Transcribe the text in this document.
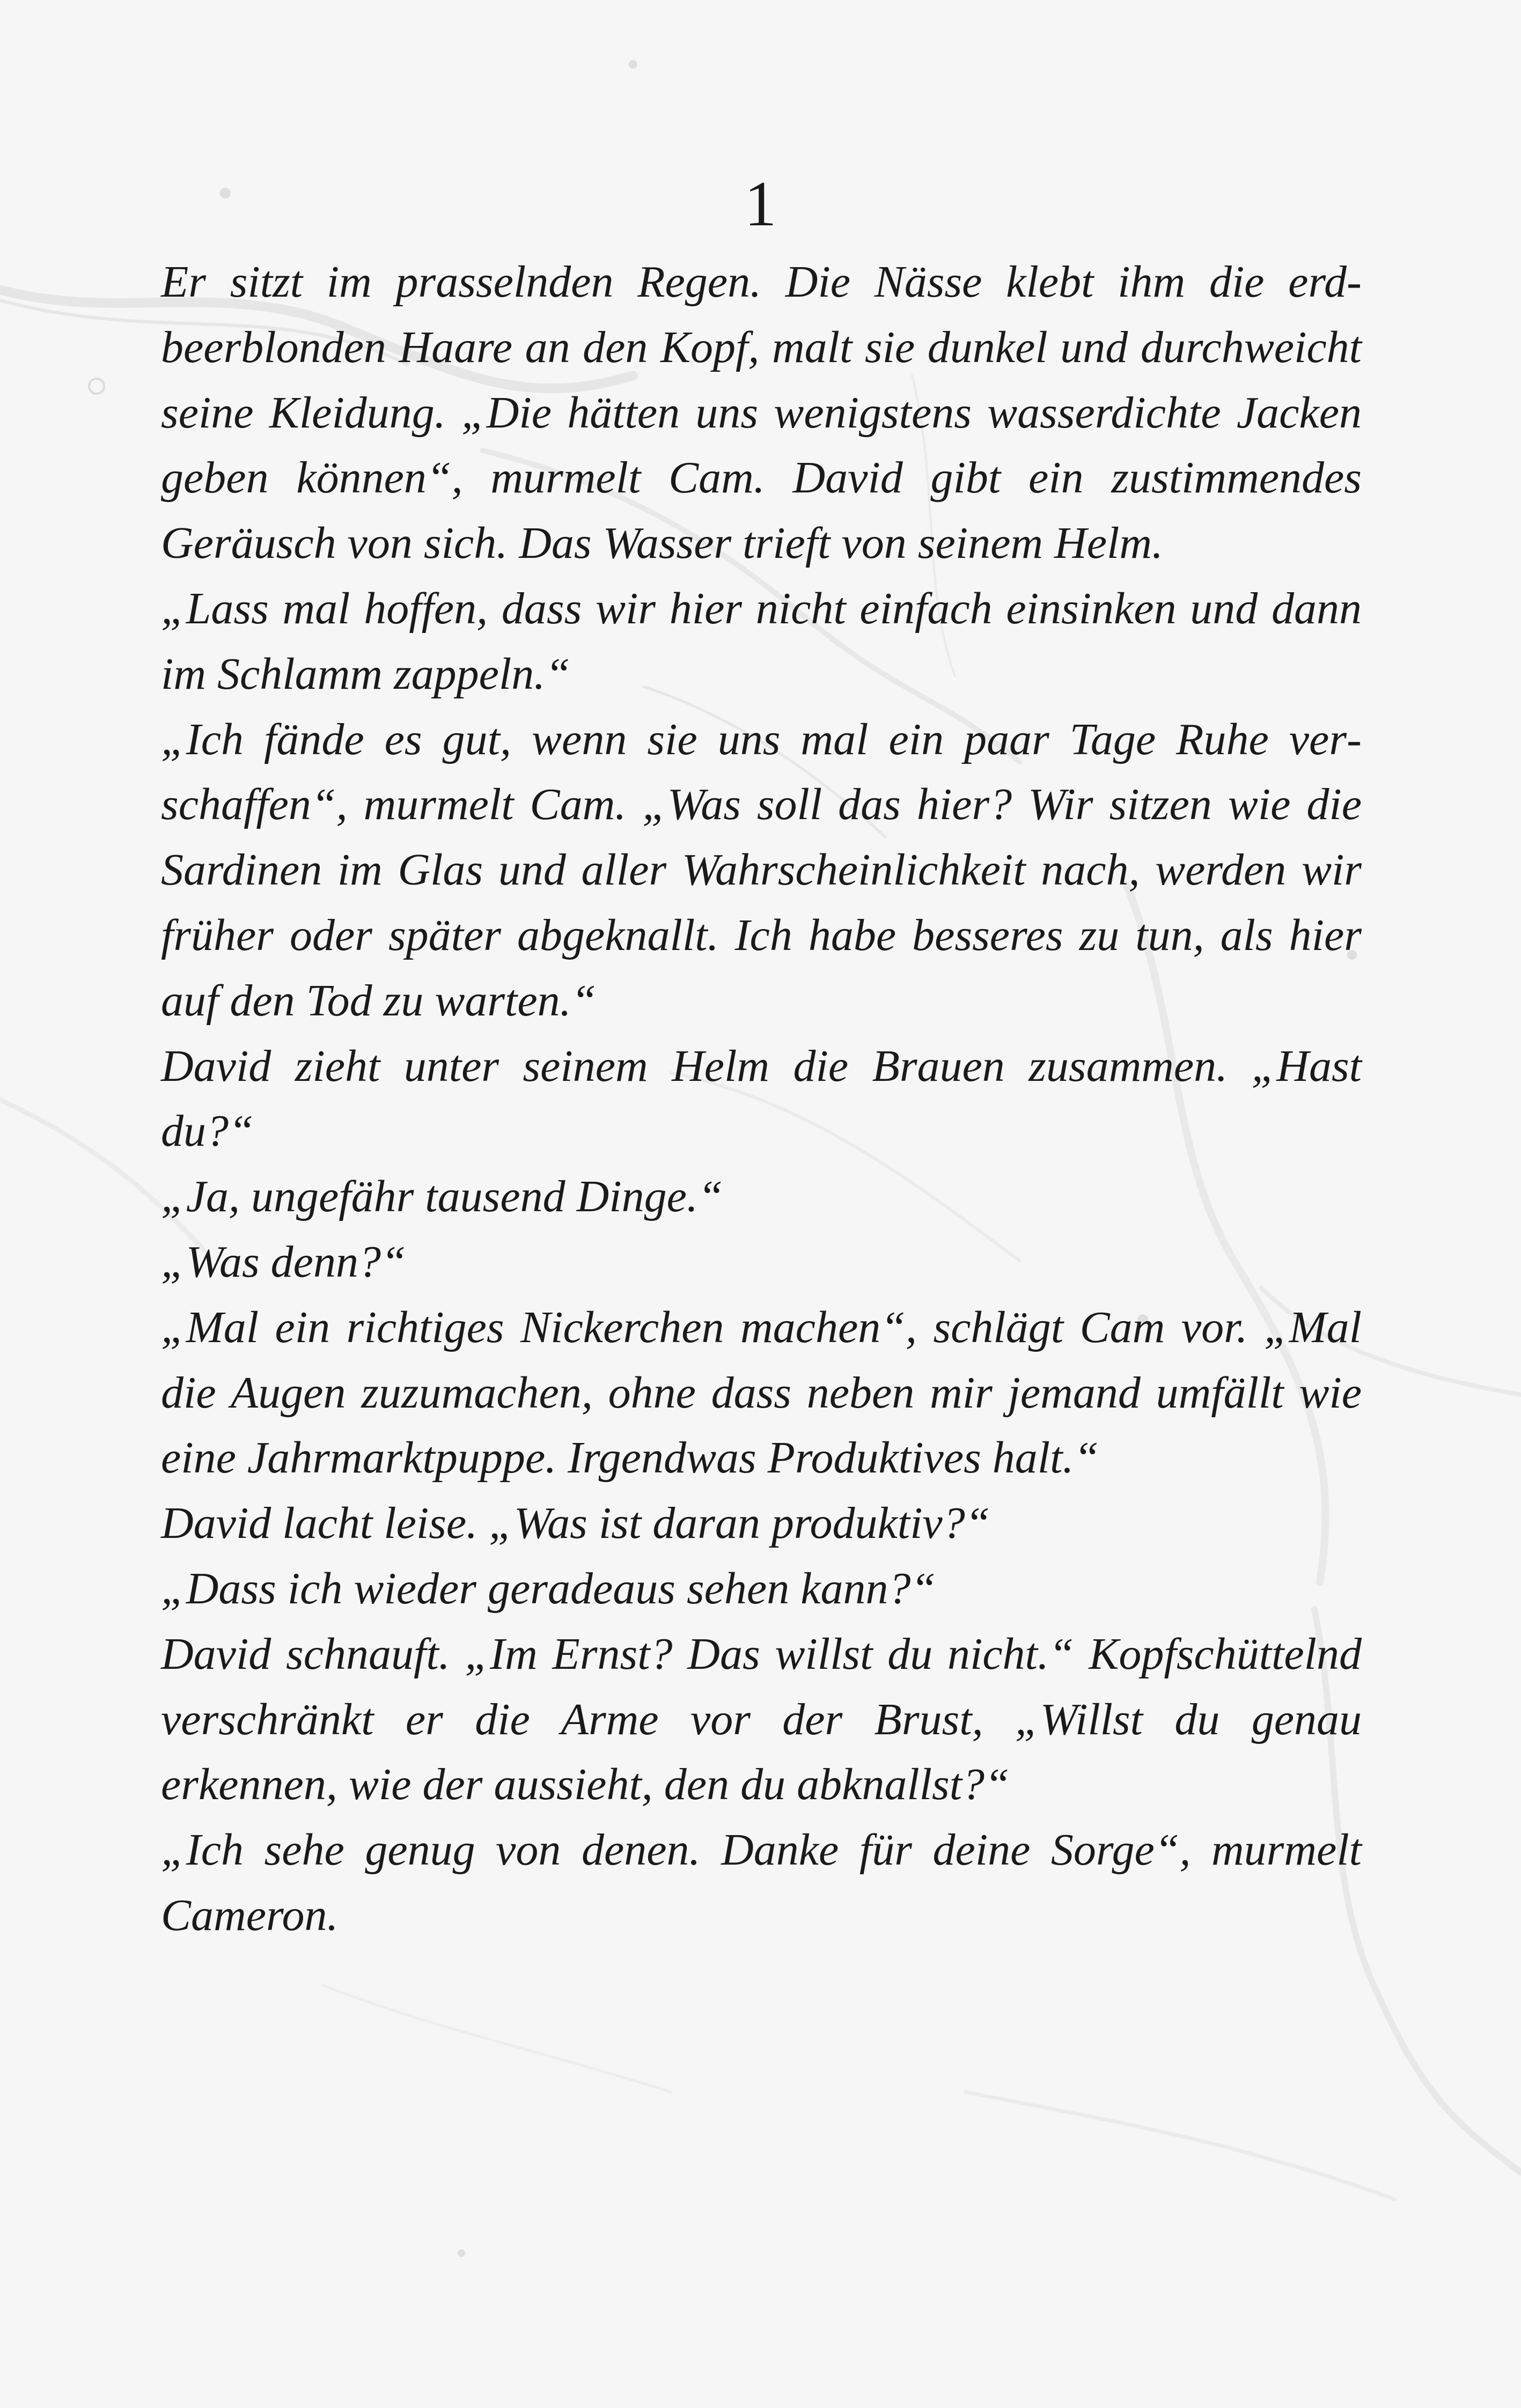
1

Er sitzt im prasselnden Regen. Die Nässe klebt ihm die erdbeerblonden Haare an den Kopf, malt sie dunkel und durchweicht seine Kleidung. „Die hätten uns wenigstens wasserdichte Jacken geben können“, murmelt Cam. David gibt ein zustimmendes Geräusch von sich. Das Wasser trieft von seinem Helm.

„Lass mal hoffen, dass wir hier nicht einfach einsinken und dann im Schlamm zappeln.“

„Ich fände es gut, wenn sie uns mal ein paar Tage Ruhe verschaffen“, murmelt Cam. „Was soll das hier? Wir sitzen wie die Sardinen im Glas und aller Wahrscheinlichkeit nach, werden wir früher oder später abgeknallt. Ich habe besseres zu tun, als hier auf den Tod zu warten.“

David zieht unter seinem Helm die Brauen zusammen. „Hast du?“

„Ja, ungefähr tausend Dinge.“

„Was denn?“

„Mal ein richtiges Nickerchen machen“, schlägt Cam vor. „Mal die Augen zuzumachen, ohne dass neben mir jemand umfällt wie eine Jahrmarktpuppe. Irgendwas Produktives halt.“

David lacht leise. „Was ist daran produktiv?“

„Dass ich wieder geradeaus sehen kann?“

David schnauft. „Im Ernst? Das willst du nicht.“ Kopfschüttelnd verschränkt er die Arme vor der Brust, „Willst du genau erkennen, wie der aussieht, den du abknallst?“

„Ich sehe genug von denen. Danke für deine Sorge“, murmelt Cameron.
